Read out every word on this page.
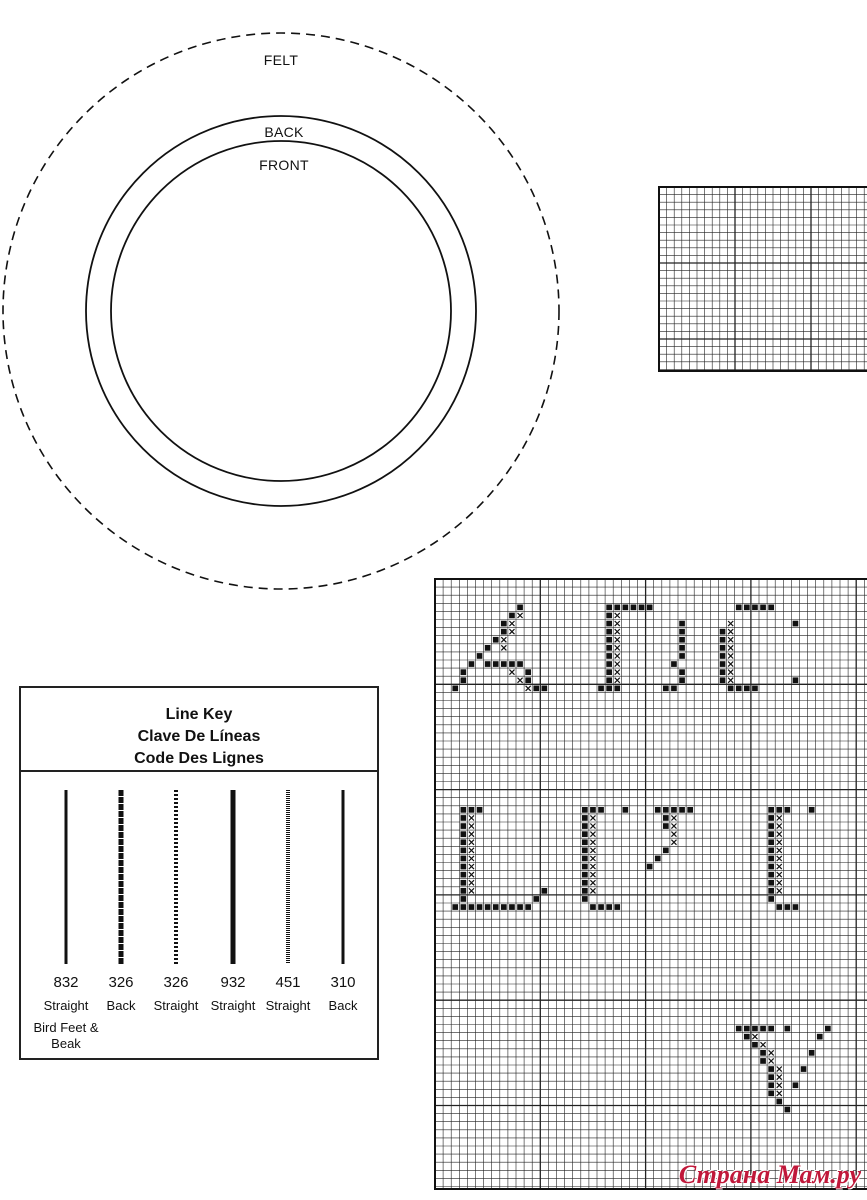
FELT
BACK
FRONT
Line Key
Clave De Líneas
Code Des Lignes
832
Straight
Bird Feet & Beak
326
Back
326
Straight
932
Straight
451
Straight
310
Back
Страна Мам.ру
